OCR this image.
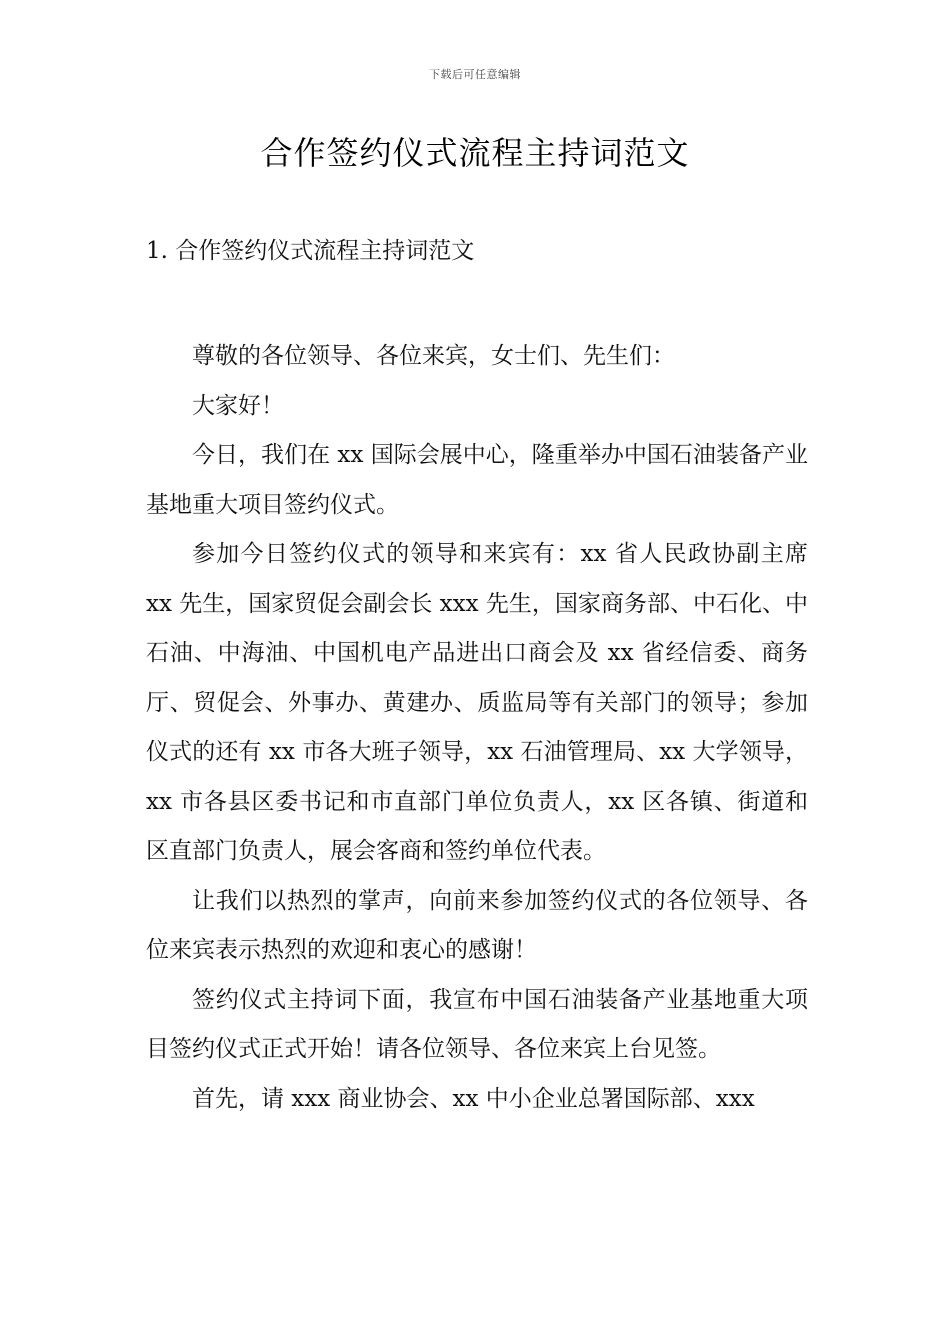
下载后可任意编辑
合作签约仪式流程主持词范文
1. 合作签约仪式流程主持词范文

尊敬的各位领导、各位来宾，女士们、先生们：

大家好！

今日，我们在 xx 国际会展中心，隆重举办中国石油装备产业基地重大项目签约仪式。

参加今日签约仪式的领导和来宾有：xx 省人民政协副主席 xx 先生，国家贸促会副会长 xxx 先生，国家商务部、中石化、中石油、中海油、中国机电产品进出口商会及 xx 省经信委、商务厅、贸促会、外事办、黄建办、质监局等有关部门的领导；参加仪式的还有 xx 市各大班子领导，xx 石油管理局、xx 大学领导，xx 市各县区委书记和市直部门单位负责人，xx 区各镇、街道和区直部门负责人，展会客商和签约单位代表。

让我们以热烈的掌声，向前来参加签约仪式的各位领导、各位来宾表示热烈的欢迎和衷心的感谢！

签约仪式主持词下面，我宣布中国石油装备产业基地重大项目签约仪式正式开始！请各位领导、各位来宾上台见签。

首先，请 xxx 商业协会、xx 中小企业总署国际部、xxx
